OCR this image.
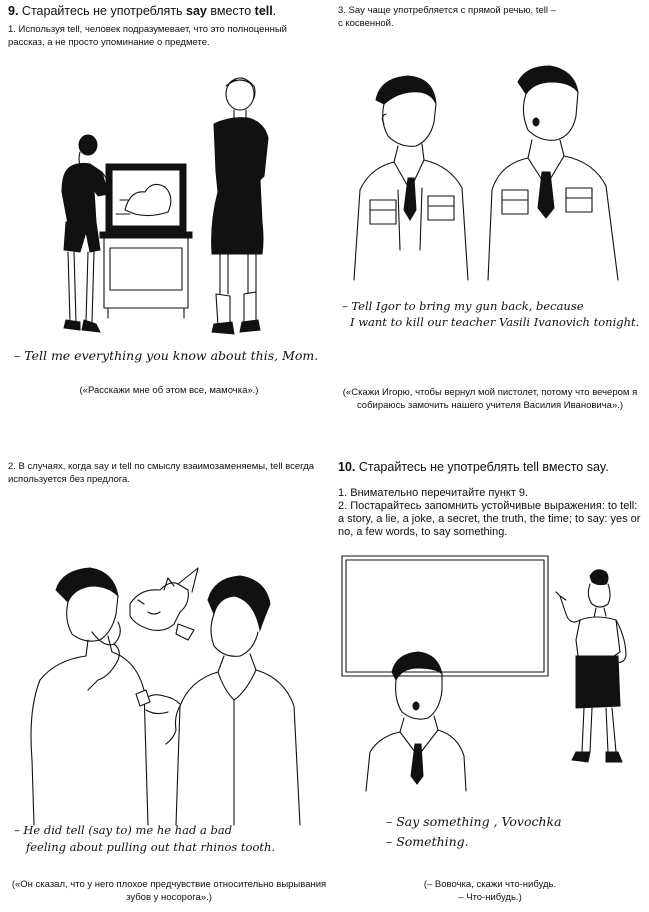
9. Старайтесь не употреблять say вместо tell.
1. Используя tell, человек подразумевает, что это полноценный рассказ, а не просто упоминание о предмете.
– Tell me everything you know about this, Mom.
(«Расскажи мне об этом все, мамочка».)
3. Say чаще употребляется с прямой речью, tell –
с косвенной.
– Tell Igor to bring my gun back, because
I want to kill our teacher Vasili Ivanovich tonight.
(«Скажи Игорю, чтобы вернул мой пистолет, потому что вечером я собираюсь замочить нашего учителя Василия Ивановича».)
2. В случаях, когда say и tell по смыслу взаимозаменяемы, tell всегда используется без предлога.
– He did tell (say to) me he had a bad
feeling about pulling out that rhinos tooth.
(«Он сказал, что у него плохое предчувствие относительно вырывания зубов у носорога».)
10. Старайтесь не употреблять tell вместо say.
1. Внимательно перечитайте пункт 9.
2. Постарайтесь запомнить устойчивые выражения: to tell: a story, a lie, a joke, a secret, the truth, the time; to say: yes or no, a few words, to say something.
– Say something , Vovochka
– Something.
(– Вовочка, скажи что-нибудь.
– Что-нибудь.)
